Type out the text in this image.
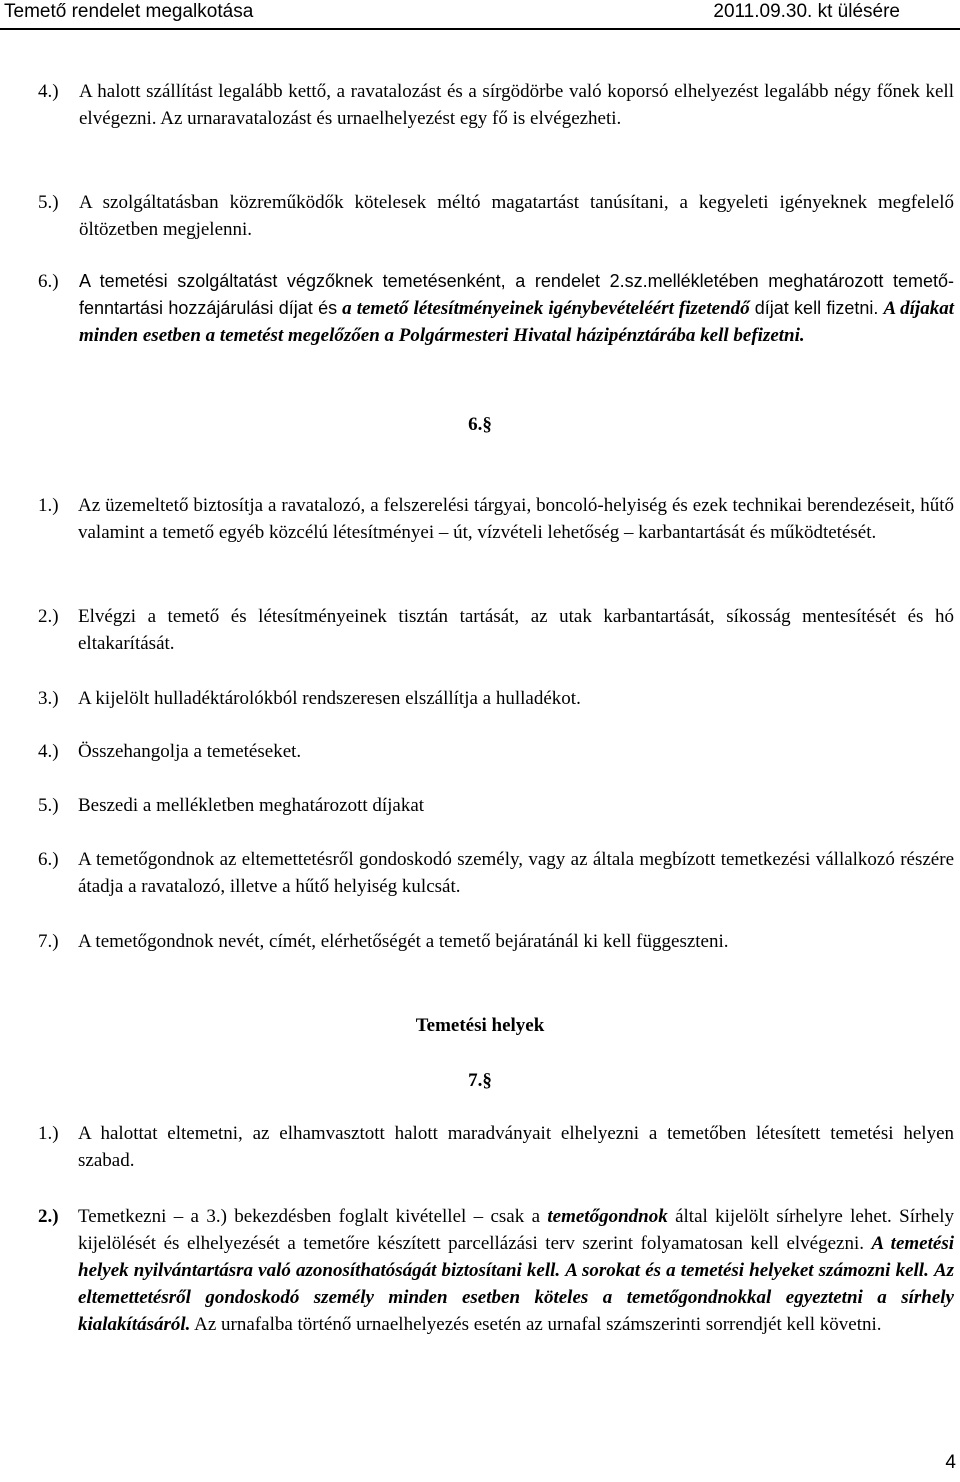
Temető rendelet megalkotása	2011.09.30. kt ülésére
4.) A halott szállítást legalább kettő, a ravatalozást és a sírgödörbe való koporsó elhelyezést legalább négy főnek kell elvégezni. Az urnaravatalozást és urnaelhelyezést egy fő is elvégezheti.
5.) A szolgáltatásban közreműködők kötelesek méltó magatartást tanúsítani, a kegyeleti igényeknek megfelelő öltözetben megjelenni.
6.) A temetési szolgáltatást végzőknek temetésenként, a rendelet 2.sz.mellékletében meghatározott temető-fenntartási hozzájárulási díjat és a temető létesítményeinek igénybevételéért fizetendő díjat kell fizetni. A díjakat minden esetben a temetést megelőzően a Polgármesteri Hivatal házipénztárába kell befizetni.
6.§
1.) Az üzemeltető biztosítja a ravatalozó, a felszerelési tárgyai, boncoló-helyiség és ezek technikai berendezéseit, hűtő valamint a temető egyéb közcélú létesítményei – út, vízvételi lehetőség – karbantartását és működtetését.
2.) Elvégzi a temető és létesítményeinek tisztán tartását, az utak karbantartását, síkosság mentesítését és hó eltakarítását.
3.) A kijelölt hulladéktárolókból rendszeresen elszállítja a hulladékot.
4.) Összehangolja a temetéseket.
5.) Beszedi a mellékletben meghatározott díjakat
6.) A temetőgondnok az eltemettetésről gondoskodó személy, vagy az általa megbízott temetkezési vállalkozó részére átadja a ravatalozó, illetve a hűtő helyiség kulcsát.
7.) A temetőgondnok nevét, címét, elérhetőségét a temető bejáratánál ki kell függeszteni.
Temetési helyek
7.§
1.) A halottat eltemetni, az elhamvasztott halott maradványait elhelyezni a temetőben létesített temetési helyen szabad.
2.) Temetkezni – a 3.) bekezdésben foglalt kivétellel – csak a temetőgondnok által kijelölt sírhelyre lehet. Sírhely kijelölését és elhelyezését a temetőre készített parcellázási terv szerint folyamatosan kell elvégezni. A temetési helyek nyilvántartásra való azonosíthatóságát biztosítani kell. A sorokat és a temetési helyeket számozni kell. Az eltemettetésről gondoskodó személy minden esetben köteles a temetőgondnokkal egyeztetni a sírhely kialakításáról. Az urnafalba történő urnaelhelyezés esetén az urnafal számszerinti sorrendjét kell követni.
4
